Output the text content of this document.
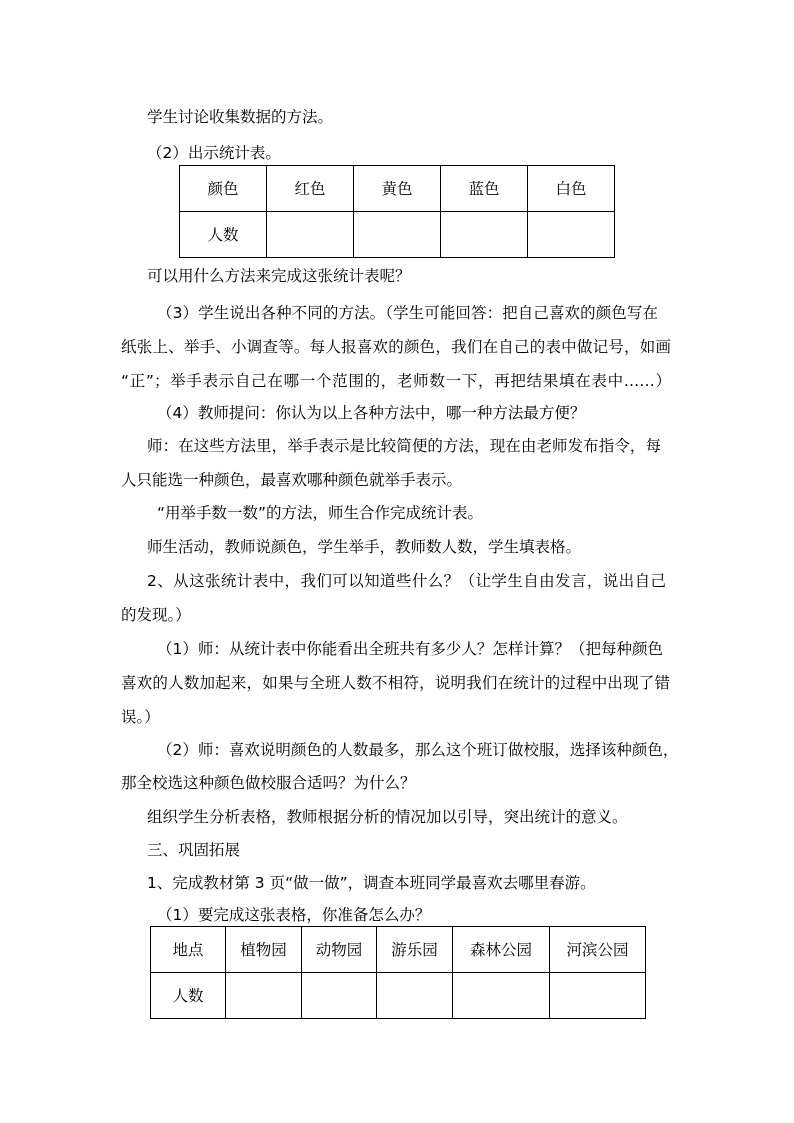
学生讨论收集数据的方法。

（2）出示统计表。

颜色	红色	黄色	蓝色	白色
人数				

可以用什么方法来完成这张统计表呢？

（3）学生说出各种不同的方法。（学生可能回答：把自己喜欢的颜色写在

纸张上、举手、小调查等。每人报喜欢的颜色，我们在自己的表中做记号，如画

“正”；举手表示自己在哪一个范围的，老师数一下，再把结果填在表中……）

（4）教师提问：你认为以上各种方法中，哪一种方法最方便？

师：在这些方法里，举手表示是比较简便的方法，现在由老师发布指令，每

人只能选一种颜色，最喜欢哪种颜色就举手表示。

“用举手数一数”的方法，师生合作完成统计表。

师生活动，教师说颜色，学生举手，教师数人数，学生填表格。

2、从这张统计表中，我们可以知道些什么？（让学生自由发言，说出自己

的发现。）

（1）师：从统计表中你能看出全班共有多少人？怎样计算？（把每种颜色

喜欢的人数加起来，如果与全班人数不相符，说明我们在统计的过程中出现了错

误。）

（2）师：喜欢说明颜色的人数最多，那么这个班订做校服，选择该种颜色，

那全校选这种颜色做校服合适吗？为什么？

组织学生分析表格，教师根据分析的情况加以引导，突出统计的意义。

三、巩固拓展

1、完成教材第 3 页“做一做”，调查本班同学最喜欢去哪里春游。

（1）要完成这张表格，你准备怎么办？

地点	植物园	动物园	游乐园	森林公园	河滨公园
人数					
